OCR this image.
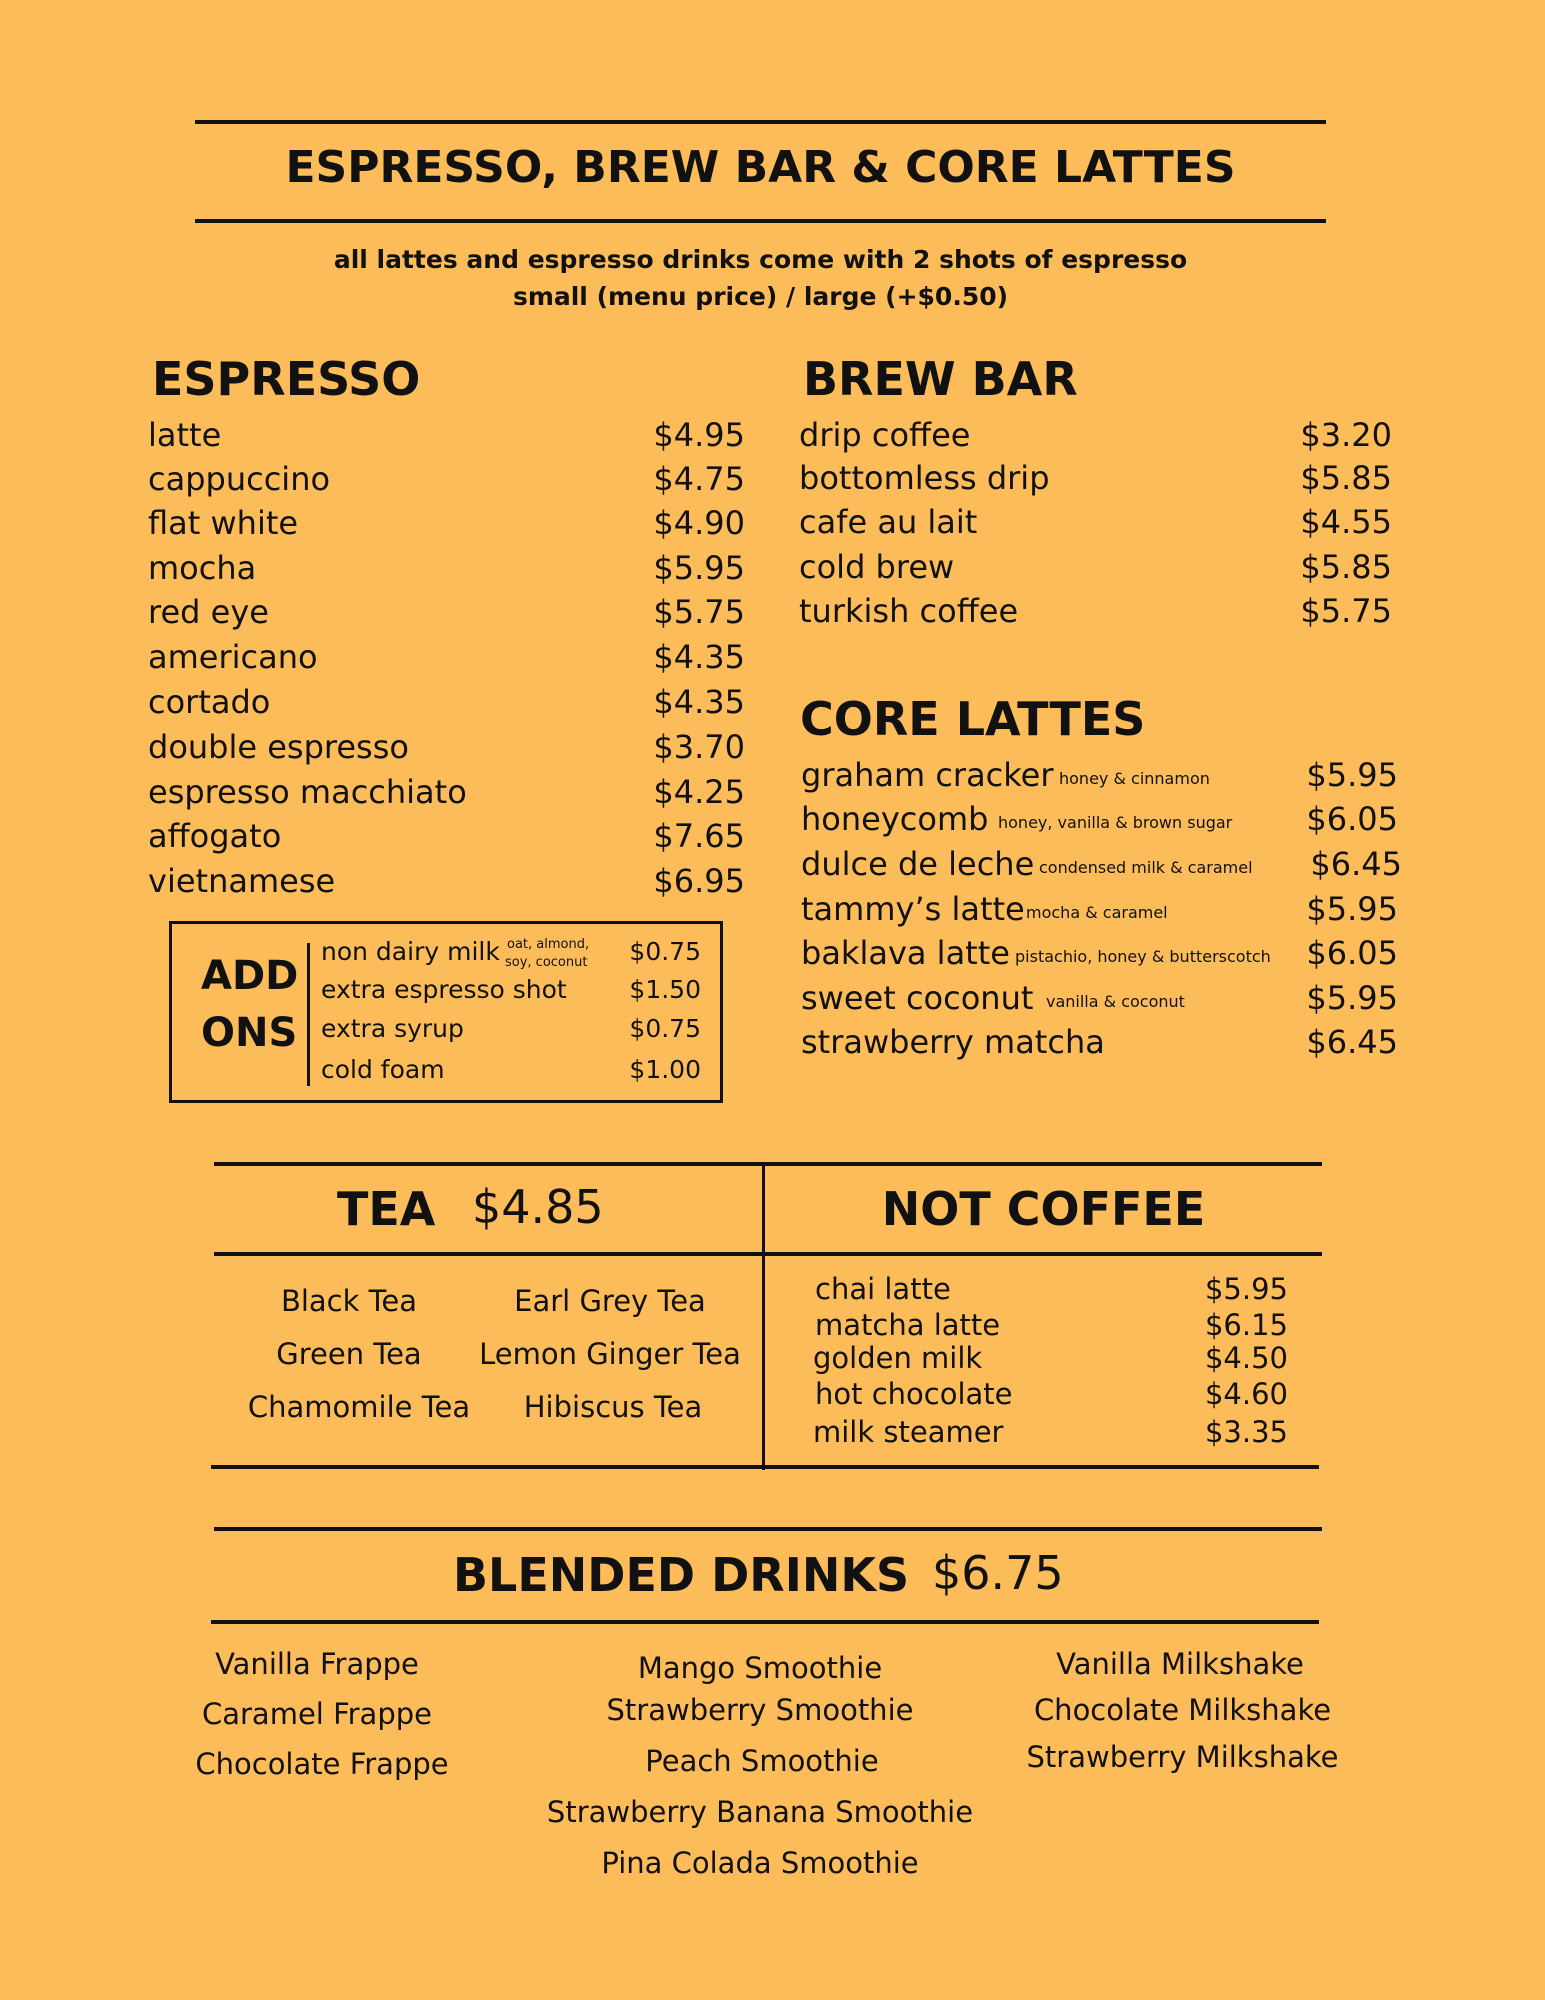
ESPRESSO, BREW BAR & CORE LATTES
all lattes and espresso drinks come with 2 shots of espresso
small (menu price) / large (+$0.50)
ESPRESSO
latte	$4.95
cappuccino	$4.75
flat white	$4.90
mocha	$5.95
red eye	$5.75
americano	$4.35
cortado	$4.35
double espresso	$3.70
espresso macchiato	$4.25
affogato	$7.65
vietnamese	$6.95
ADD
ONS
non dairy milk oat, almond,
soy, coconut $0.75
extra espresso shot	$1.50
extra syrup	$0.75
cold foam	$1.00
BREW BAR
drip coffee	$3.20
bottomless drip	$5.85
cafe au lait	$4.55
cold brew	$5.85
turkish coffee	$5.75
CORE LATTES
graham cracker honey & cinnamon	$5.95
honeycomb honey, vanilla & brown sugar $6.05
dulce de leche condensed milk & caramel $6.45
tammy’s latte mocha & caramel	$5.95
baklava latte pistachio, honey & butterscotch $6.05
sweet coconut vanilla & coconut	$5.95
strawberry matcha	$6.45
TEA $4.85
Black Tea	Earl Grey Tea
Green Tea	Lemon Ginger Tea
Chamomile Tea	Hibiscus Tea
NOT COFFEE
chai latte	$5.95
matcha latte	$6.15
golden milk	$4.50
hot chocolate	$4.60
milk steamer	$3.35
BLENDED DRINKS $6.75
Vanilla Frappe
Caramel Frappe
Chocolate Frappe
Mango Smoothie
Strawberry Smoothie
Peach Smoothie
Strawberry Banana Smoothie
Pina Colada Smoothie
Vanilla Milkshake
Chocolate Milkshake
Strawberry Milkshake
